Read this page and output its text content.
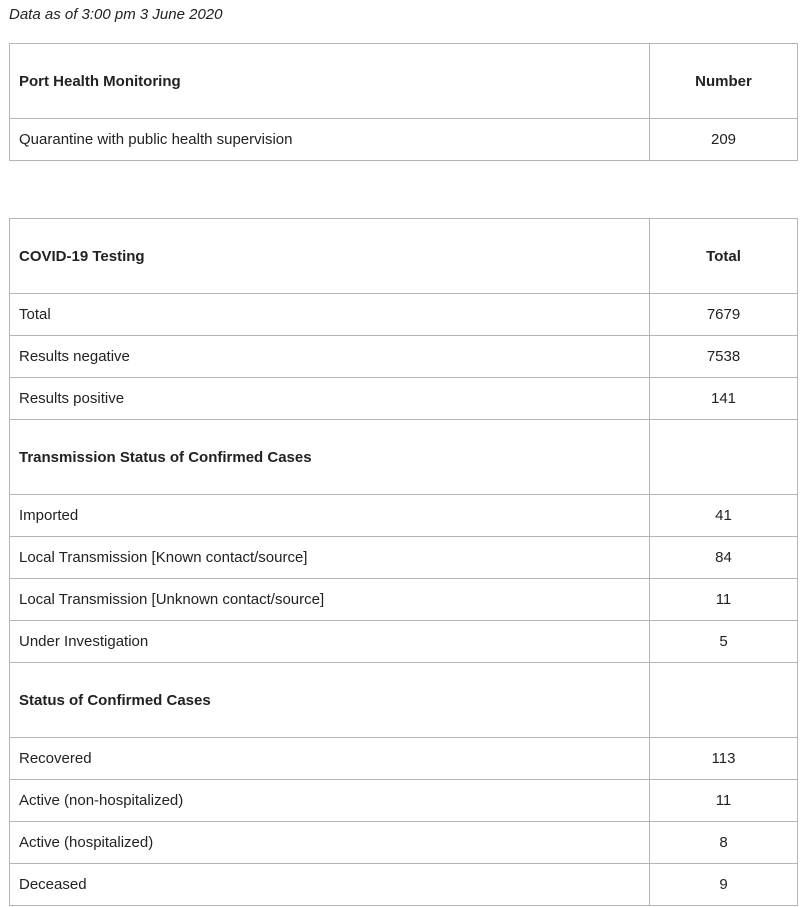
Data as of 3:00 pm 3 June 2020
Port Health Monitoring	Number
Quarantine with public health supervision	209
COVID-19 Testing	Total
Total	7679
Results negative	7538
Results positive	141
Transmission Status of Confirmed Cases	
Imported	41
Local Transmission [Known contact/source]	84
Local Transmission [Unknown contact/source]	11
Under Investigation	5
Status of Confirmed Cases	
Recovered	113
Active (non-hospitalized)	11
Active (hospitalized)	8
Deceased	9
